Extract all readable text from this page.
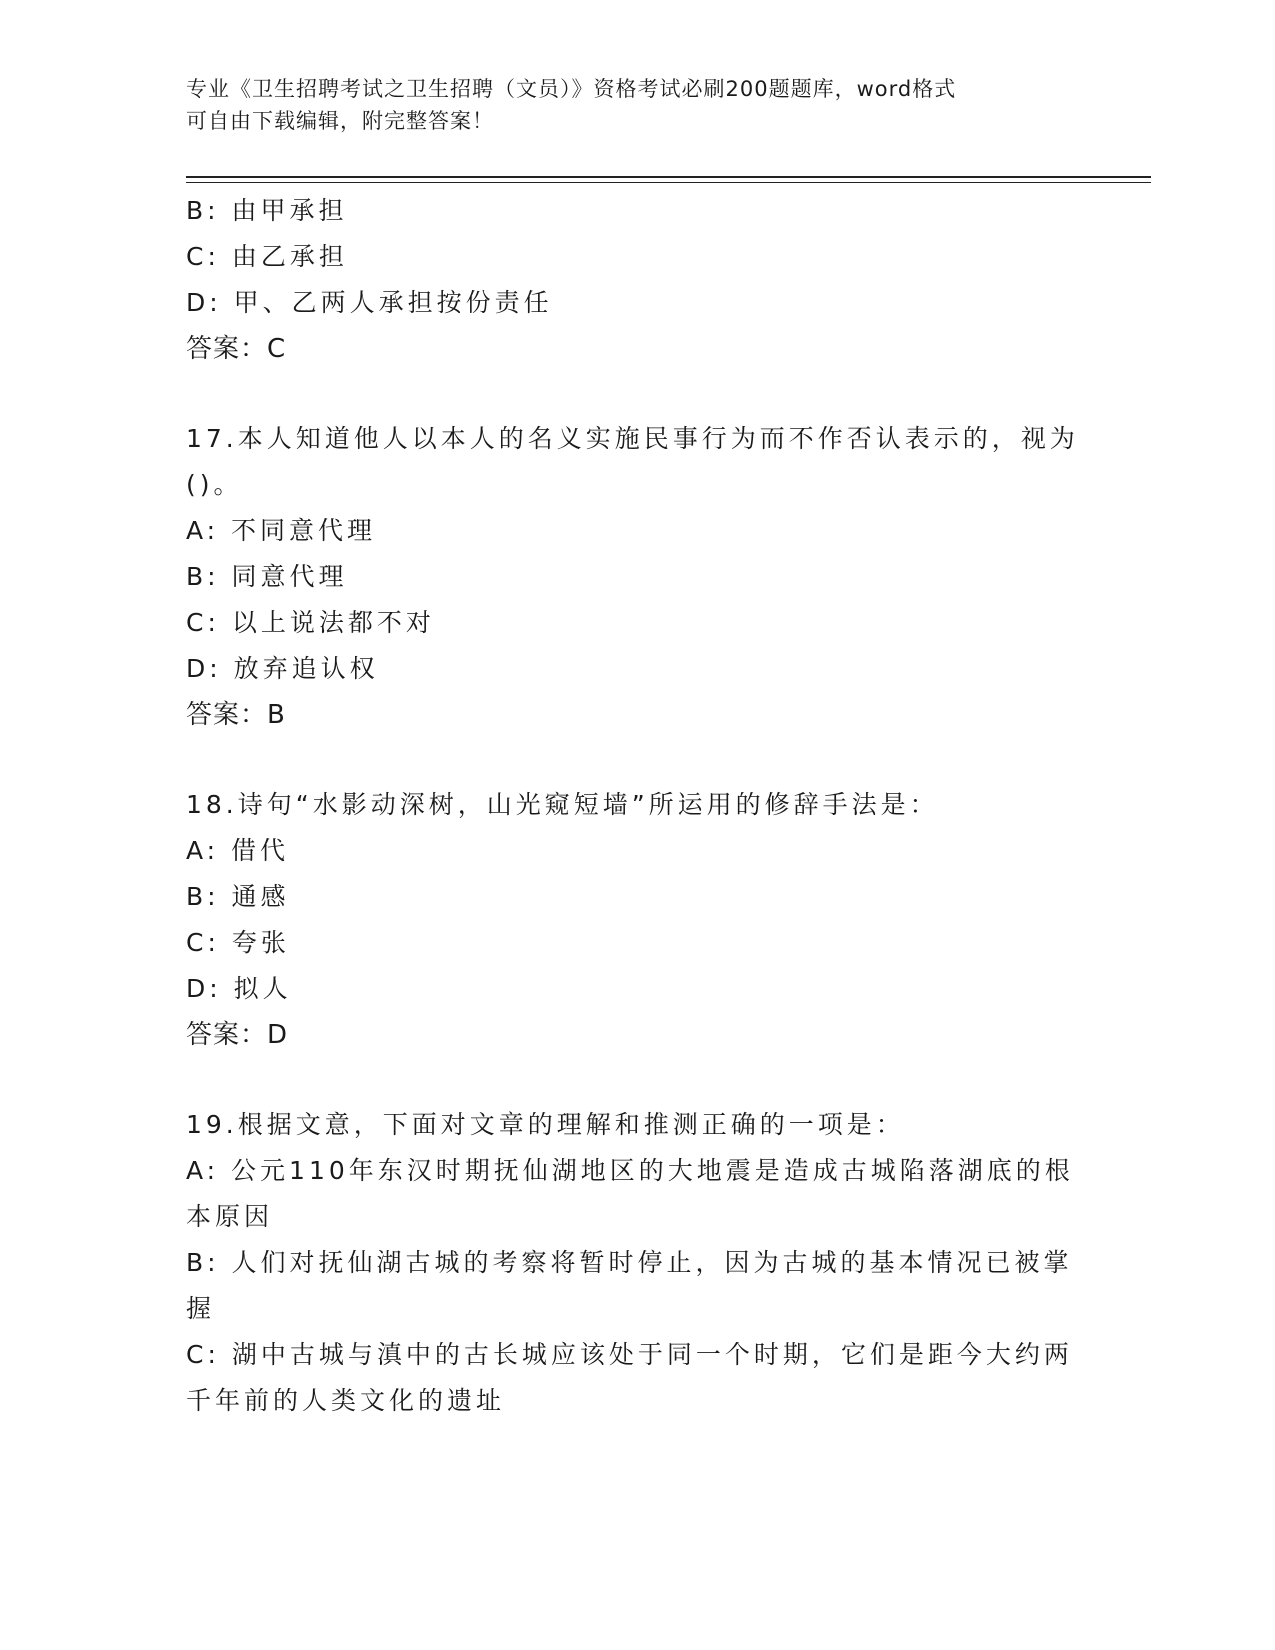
专业《卫生招聘考试之卫生招聘（文员）》资格考试必刷200题题库，word格式
可自由下载编辑，附完整答案！
B: 由甲承担
C: 由乙承担
D: 甲、乙两人承担按份责任
答案：C
17.本人知道他人以本人的名义实施民事行为而不作否认表示的，视为
()。
A: 不同意代理
B: 同意代理
C: 以上说法都不对
D: 放弃追认权
答案：B
18.诗句“水影动深树，山光窥短墙”所运用的修辞手法是：
A: 借代
B: 通感
C: 夸张
D: 拟人
答案：D
19.根据文意，下面对文章的理解和推测正确的一项是：
A: 公元110年东汉时期抚仙湖地区的大地震是造成古城陷落湖底的根
本原因
B: 人们对抚仙湖古城的考察将暂时停止，因为古城的基本情况已被掌
握
C: 湖中古城与滇中的古长城应该处于同一个时期，它们是距今大约两
千年前的人类文化的遗址
